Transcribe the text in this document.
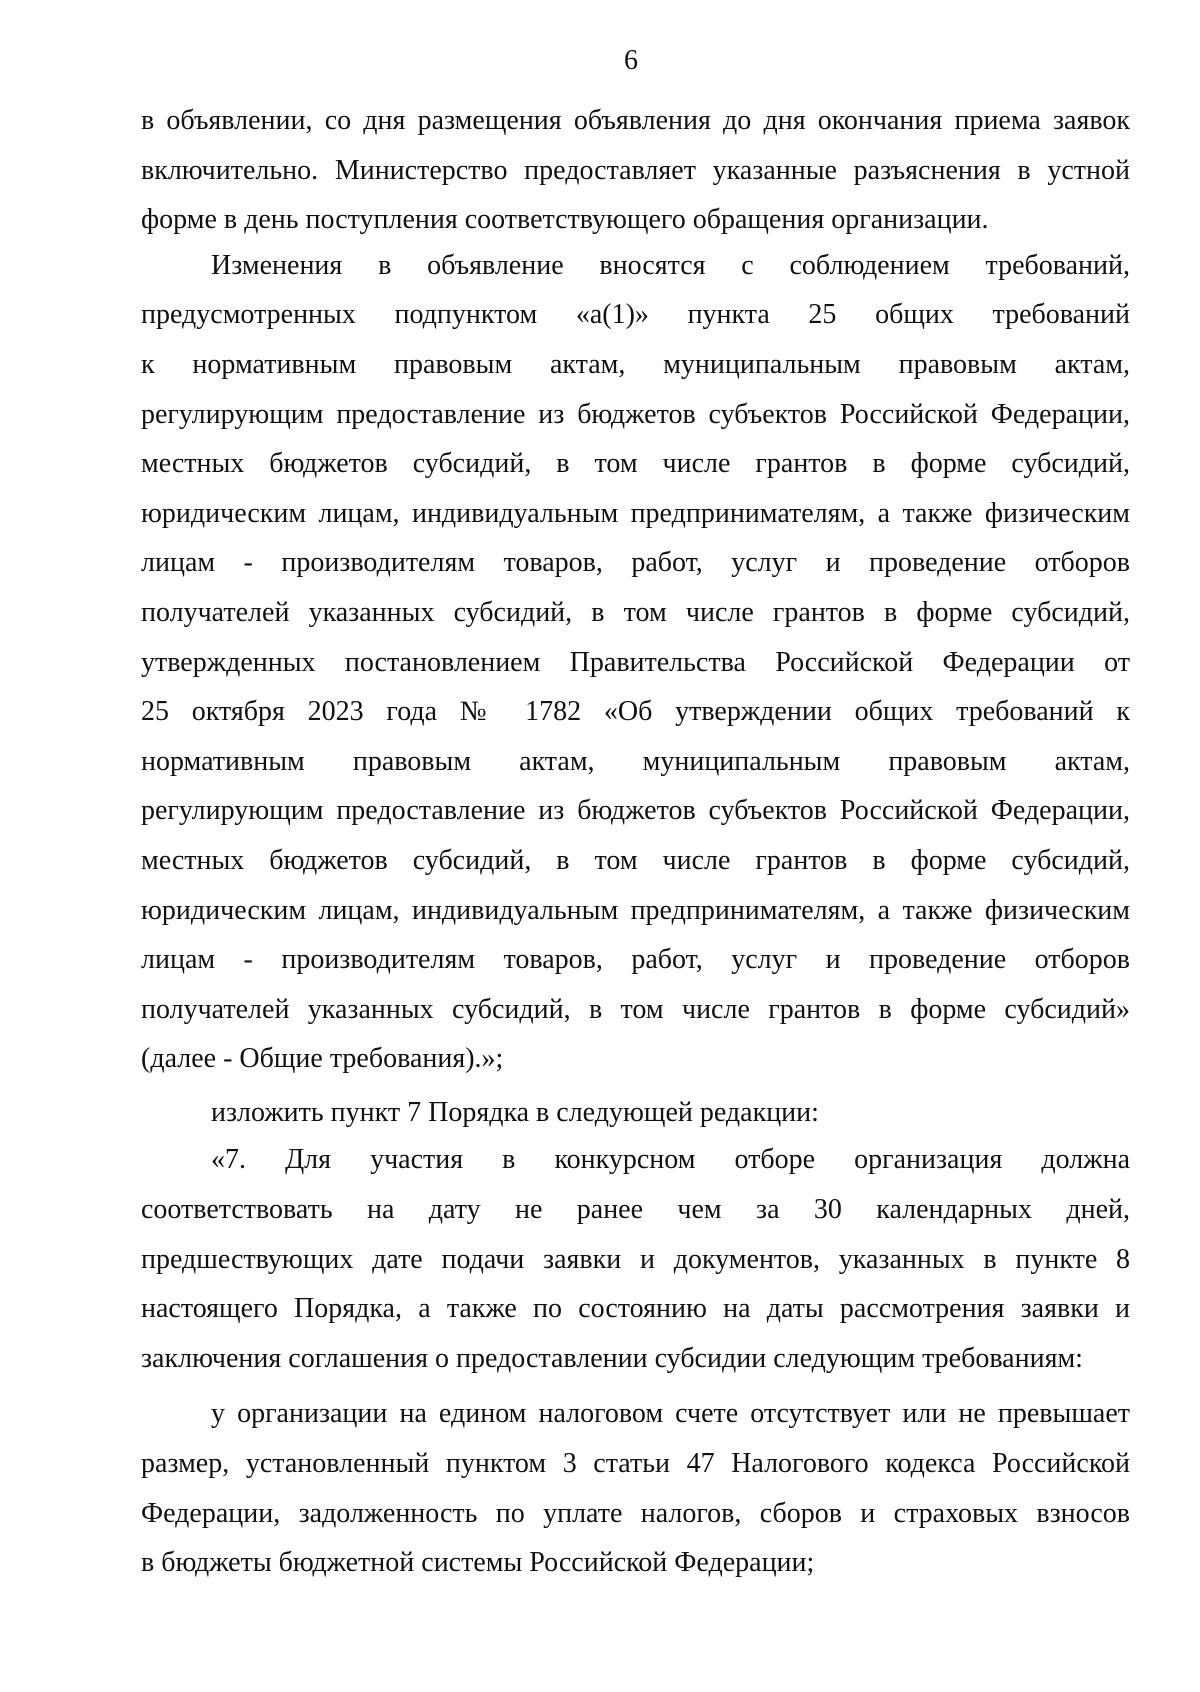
6
в объявлении, со дня размещения объявления до дня окончания приема заявок
включительно. Министерство предоставляет указанные разъяснения в устной
форме в день поступления соответствующего обращения организации.
Изменения в объявление вносятся с соблюдением требований,
предусмотренных подпунктом «а(1)» пункта 25 общих требований
к нормативным правовым актам, муниципальным правовым актам,
регулирующим предоставление из бюджетов субъектов Российской Федерации,
местных бюджетов субсидий, в том числе грантов в форме субсидий,
юридическим лицам, индивидуальным предпринимателям, а также физическим
лицам - производителям товаров, работ, услуг и проведение отборов
получателей указанных субсидий, в том числе грантов в форме субсидий,
утвержденных постановлением Правительства Российской Федерации от
25 октября 2023 года № 1782 «Об утверждении общих требований к
нормативным правовым актам, муниципальным правовым актам,
регулирующим предоставление из бюджетов субъектов Российской Федерации,
местных бюджетов субсидий, в том числе грантов в форме субсидий,
юридическим лицам, индивидуальным предпринимателям, а также физическим
лицам - производителям товаров, работ, услуг и проведение отборов
получателей указанных субсидий, в том числе грантов в форме субсидий»
(далее - Общие требования).»;
изложить пункт 7 Порядка в следующей редакции:
«7. Для участия в конкурсном отборе организация должна
соответствовать на дату не ранее чем за 30 календарных дней,
предшествующих дате подачи заявки и документов, указанных в пункте 8
настоящего Порядка, а также по состоянию на даты рассмотрения заявки и
заключения соглашения о предоставлении субсидии следующим требованиям:
у организации на едином налоговом счете отсутствует или не превышает
размер, установленный пунктом 3 статьи 47 Налогового кодекса Российской
Федерации, задолженность по уплате налогов, сборов и страховых взносов
в бюджеты бюджетной системы Российской Федерации;
